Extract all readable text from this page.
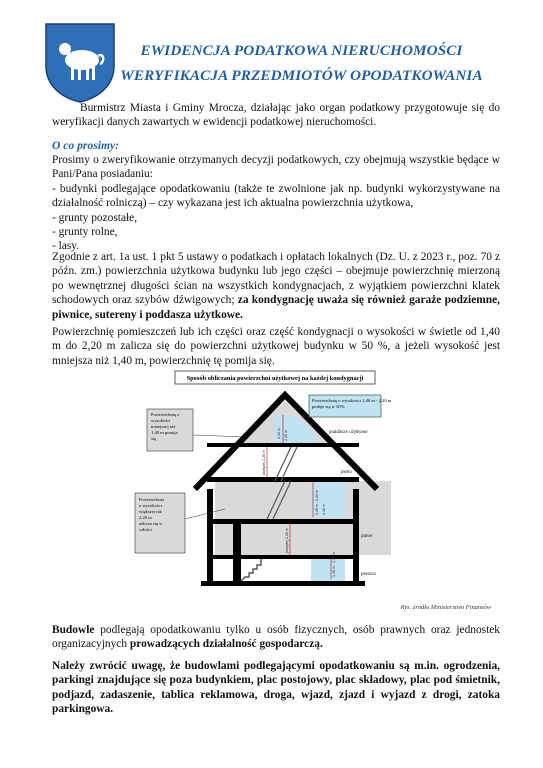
EWIDENCJA PODATKOWA NIERUCHOMOŚCI
WERYFIKACJA PRZEDMIOTÓW OPODATKOWANIA
Burmistrz Miasta i Gminy Mrocza, działając jako organ podatkowy przygotowuje się do weryfikacji danych zawartych w ewidencji podatkowej nieruchomości.
O co prosimy:
Prosimy o zweryfikowanie otrzymanych decyzji podatkowych, czy obejmują wszystkie będące w Pani/Pana posiadaniu:
- budynki podlegające opodatkowaniu (także te zwolnione jak np. budynki wykorzystywane na działalność rolniczą) – czy wykazana jest ich aktualna powierzchnia użytkowa,
- grunty pozostałe,
- grunty rolne,
- lasy.
Zgodnie z art. 1a ust. 1 pkt 5 ustawy o podatkach i opłatach lokalnych (Dz. U. z 2023 r., poz. 70 z późn. zm.) powierzchnia użytkowa budynku lub jego części – obejmuje powierzchnię mierzoną po wewnętrznej długości ścian na wszystkich kondygnacjach, z wyjątkiem powierzchni klatek schodowych oraz szybów dźwigowych; za kondygnację uważa się również garaże podziemne, piwnice, sutereny i poddasza użytkowe.
Powierzchnię pomieszczeń lub ich części oraz część kondygnacji o wysokości w świetle od 1,40 m do 2,20 m zalicza się do powierzchni użytkowej budynku w 50 %, a jeżeli wysokość jest mniejsza niż 1,40 m, powierzchnię tę pomija się.
Sposób obliczania powierzchni użytkowej na każdej kondygnacji
1,40 m 2,20 m
powyżej 2,20 m
1,40 m - 2,20 m 1,40 m
powyżej 2,20 m
1,40 m - 2,20 m
poddasze użytkowe
piętro
parter
piwnica
Powierzchnię o wysokości 1,40 m - 2,20 m podaje się w 50%
Powierzchnię o wysokości mniejszej niż 1,40 m pomija się
Powierzchnia o wysokości większej niż 2,20 m zalicza się w całości
Rys. źródło Ministerstwo Finansów
Budowle podlegają opodatkowaniu tylko u osób fizycznych, osób prawnych oraz jednostek organizacyjnych prowadzących działalność gospodarczą.
Należy zwrócić uwagę, że budowlami podlegającymi opodatkowaniu są m.in. ogrodzenia, parkingi znajdujące się poza budynkiem, plac postojowy, plac składowy, plac pod śmietnik, podjazd, zadaszenie, tablica reklamowa, droga, wjazd, zjazd i wyjazd z drogi, zatoka parkingowa.
